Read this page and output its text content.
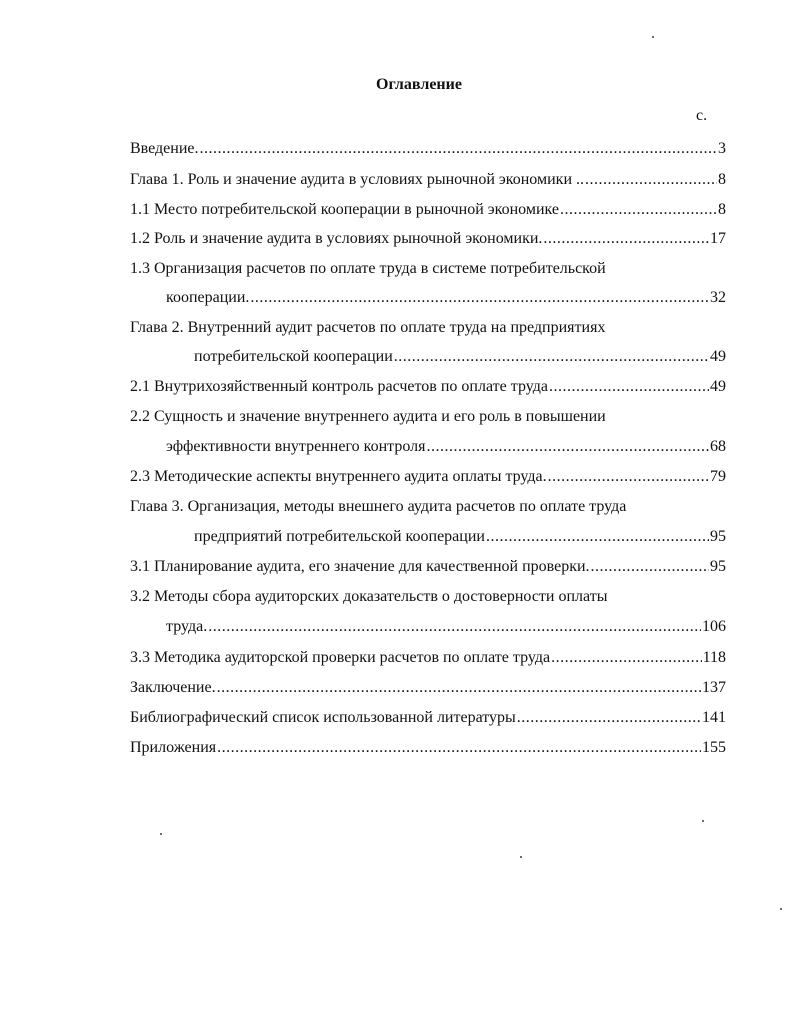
Оглавление
с.
Введение. .....	3
Глава 1. Роль и значение аудита в условиях рыночной экономики .. .....	8
1.1 Место потребительской кооперации в рыночной экономике .....	8
1.2 Роль и значение аудита в условиях рыночной экономики. .....	17
1.3 Организация расчетов по оплате труда в системе потребительской
кооперации. .....	32
Глава 2. Внутренний аудит расчетов по оплате труда на предприятиях
потребительской кооперации .....	49
2.1 Внутрихозяйственный контроль расчетов по оплате труда .....	49
2.2 Сущность и значение внутреннего аудита и его роль в повышении
эффективности внутреннего контроля .....	68
2.3 Методические аспекты внутреннего аудита оплаты труда. .....	79
Глава 3. Организация, методы внешнего аудита расчетов по оплате труда
предприятий потребительской кооперации .....	95
3.1 Планирование аудита, его значение для качественной проверки. .....	95
3.2 Методы сбора аудиторских доказательств о достоверности оплаты
труда. .....	106
3.3 Методика аудиторской проверки расчетов по оплате труда .....	118
Заключение. .....	137
Библиографический список использованной литературы .....	141
Приложения .....	155
